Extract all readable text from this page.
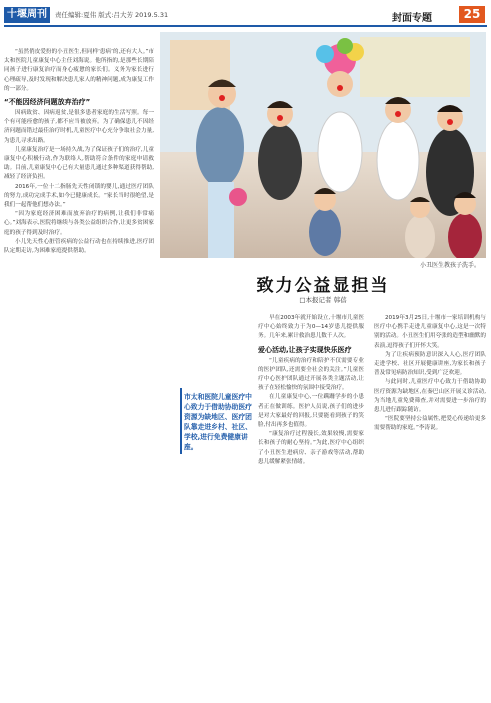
十堰周刊	责任编辑:夏伟 版式:吕大芳 2019.5.31	封面专题	25

“虽然俏皮爱扮的小丑医生,但同样‘患病’的,还有大人。”市太和医院儿童康复中心主任刘海说。他所指的,是那些长期陪同孩子进行康复治疗而身心疲惫的家长们。义务为家长进行心理疏导,及时发现和解决患儿家人的精神问题,成为康复工作的一部分。

“不能因经济问题放弃治疗”

因病致贫、因病返贫,是很多患者家庭的生活写照。每一个有可能痊愈的孩子,都不应当被放弃。为了确保患儿不因经济问题而错过最佳治疗时机,儿童医疗中心充分争取社会力量,为患儿寻求出路。

儿童康复治疗是一场持久战,为了保证孩子们的治疗,儿童康复中心积极行动,作为联络人,帮助符合条件的家庭申请救助。目前,儿童康复中心已有大量患儿通过多种渠道获得帮助,减轻了经济负担。

2016年,一位十二指肠先天性闭锁的婴儿,通过医疗团队的努力,成功完成手术,如今已健康成长。“家长当时很绝望,是我们一起帮他们想办法。”

“因为家庭经济困难而放弃治疗的病例,让我们非常痛心。”刘海表示,医院将继续与各类公益组织合作,让更多贫困家庭的孩子得到及时治疗。

小儿先天性心脏管疾病的公益行动也在持续推进,医疗团队定期走访,为困难家庭提供帮助。

小丑医生教孩子洗手。
致力公益显担当
□本报记者 韩蓓
市太和医院儿童医疗中心致力于借助协助医疗资源为缺地区、医疗团队靠走进乡村、社区、学校,进行免费健康讲座。

早在2003年就开始设立,十堰市儿童医疗中心始终致力于为0—14岁患儿提供服务。几年来,累计救治患儿数千人次。

爱心活动,让孩子实现快乐医疗

“儿童疾病的治疗和陪护不仅需要专业的医护团队,还需要全社会的关注。”儿童医疗中心医护团队通过开展各类主题活动,让孩子在轻松愉快的氛围中接受治疗。

在儿童康复中心,一位蹒跚学步的小患者正在做训练。医护人员说,孩子们的进步是对大家最好的回报,只要能看到孩子的笑脸,付出再多也值得。

“康复治疗过程漫长,效果较慢,需要家长和孩子的耐心坚持。”为此,医疗中心组织了小丑医生进病房、亲子游戏等活动,帮助患儿缓解紧张情绪。

2019年3月25日,十堰市一家培训机构与医疗中心携手走进儿童康复中心,这是一次特别的活动。小丑医生们用夸张的造型和幽默的表演,逗得孩子们开怀大笑。

为了让疾病预防意识深入人心,医疗团队走进学校、社区开展健康讲座,为家长和孩子普及常见病防治知识,受到广泛欢迎。

与此同时,儿童医疗中心致力于借助协助医疗资源为缺地区,在秦巴山区开展义诊活动,为当地儿童免费筛查,并对需要进一步治疗的患儿进行跟踪随访。

“医院要坚持公益属性,把爱心传递给更多需要帮助的家庭。”李涛说。
